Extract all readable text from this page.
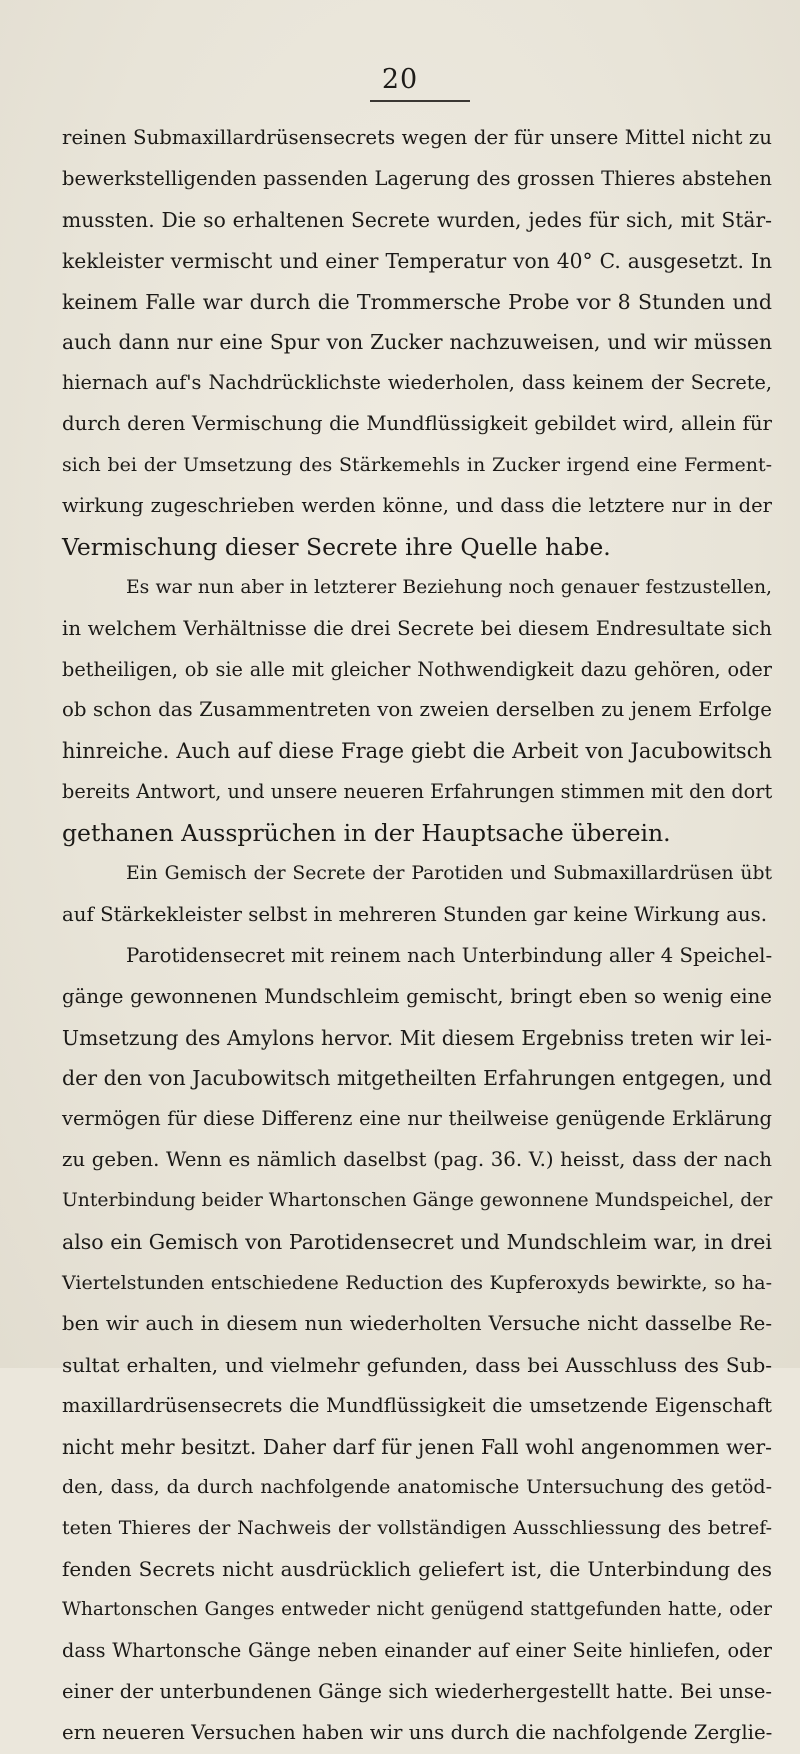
20
reinen Submaxillardrüsensecrets wegen der für unsere Mittel nicht zu
bewerkstelligenden passenden Lagerung des grossen Thieres abstehen
mussten. Die so erhaltenen Secrete wurden, jedes für sich, mit Stär-
kekleister vermischt und einer Temperatur von 40° C. ausgesetzt. In
keinem Falle war durch die Trommersche Probe vor 8 Stunden und
auch dann nur eine Spur von Zucker nachzuweisen, und wir müssen
hiernach auf's Nachdrücklichste wiederholen, dass keinem der Secrete,
durch deren Vermischung die Mundflüssigkeit gebildet wird, allein für
sich bei der Umsetzung des Stärkemehls in Zucker irgend eine Ferment-
wirkung zugeschrieben werden könne, und dass die letztere nur in der
Vermischung dieser Secrete ihre Quelle habe.
Es war nun aber in letzterer Beziehung noch genauer festzustellen,
in welchem Verhältnisse die drei Secrete bei diesem Endresultate sich
betheiligen, ob sie alle mit gleicher Nothwendigkeit dazu gehören, oder
ob schon das Zusammentreten von zweien derselben zu jenem Erfolge
hinreiche. Auch auf diese Frage giebt die Arbeit von Jacubowitsch
bereits Antwort, und unsere neueren Erfahrungen stimmen mit den dort
gethanen Aussprüchen in der Hauptsache überein.
Ein Gemisch der Secrete der Parotiden und Submaxillardrüsen übt
auf Stärkekleister selbst in mehreren Stunden gar keine Wirkung aus.
Parotidensecret mit reinem nach Unterbindung aller 4 Speichel-
gänge gewonnenen Mundschleim gemischt, bringt eben so wenig eine
Umsetzung des Amylons hervor. Mit diesem Ergebniss treten wir lei-
der den von Jacubowitsch mitgetheilten Erfahrungen entgegen, und
vermögen für diese Differenz eine nur theilweise genügende Erklärung
zu geben. Wenn es nämlich daselbst (pag. 36. V.) heisst, dass der nach
Unterbindung beider Whartonschen Gänge gewonnene Mundspeichel, der
also ein Gemisch von Parotidensecret und Mundschleim war, in drei
Viertelstunden entschiedene Reduction des Kupferoxyds bewirkte, so ha-
ben wir auch in diesem nun wiederholten Versuche nicht dasselbe Re-
sultat erhalten, und vielmehr gefunden, dass bei Ausschluss des Sub-
maxillardrüsensecrets die Mundflüssigkeit die umsetzende Eigenschaft
nicht mehr besitzt. Daher darf für jenen Fall wohl angenommen wer-
den, dass, da durch nachfolgende anatomische Untersuchung des getöd-
teten Thieres der Nachweis der vollständigen Ausschliessung des betref-
fenden Secrets nicht ausdrücklich geliefert ist, die Unterbindung des
Whartonschen Ganges entweder nicht genügend stattgefunden hatte, oder
dass Whartonsche Gänge neben einander auf einer Seite hinliefen, oder
einer der unterbundenen Gänge sich wiederhergestellt hatte. Bei unse-
ern neueren Versuchen haben wir uns durch die nachfolgende Zerglie-
